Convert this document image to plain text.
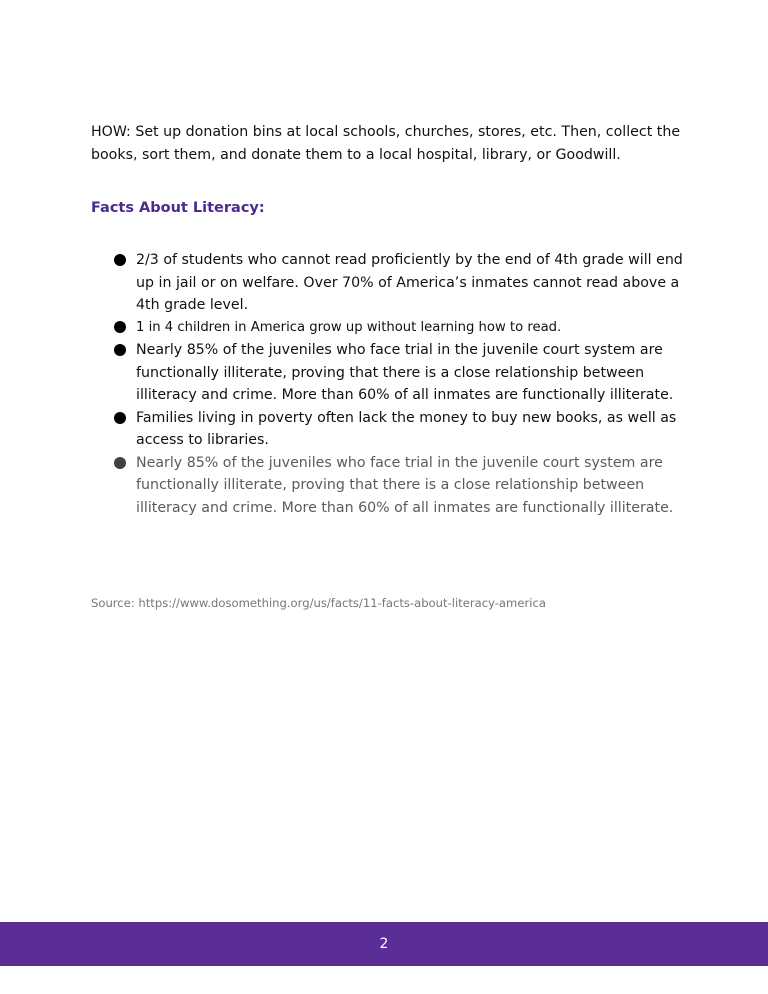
HOW: Set up donation bins at local schools, churches, stores, etc. Then, collect the books, sort them, and donate them to a local hospital, library, or Goodwill.

Facts About Literacy:
2/3 of students who cannot read proficiently by the end of 4th grade will end up in jail or on welfare. Over 70% of America’s inmates cannot read above a 4th grade level.
1 in 4 children in America grow up without learning how to read.
Nearly 85% of the juveniles who face trial in the juvenile court system are functionally illiterate, proving that there is a close relationship between illiteracy and crime. More than 60% of all inmates are functionally illiterate.
Families living in poverty often lack the money to buy new books, as well as access to libraries.
Nearly 85% of the juveniles who face trial in the juvenile court system are functionally illiterate, proving that there is a close relationship between illiteracy and crime. More than 60% of all inmates are functionally illiterate.

Source: https://www.dosomething.org/us/facts/11-facts-about-literacy-america

2
